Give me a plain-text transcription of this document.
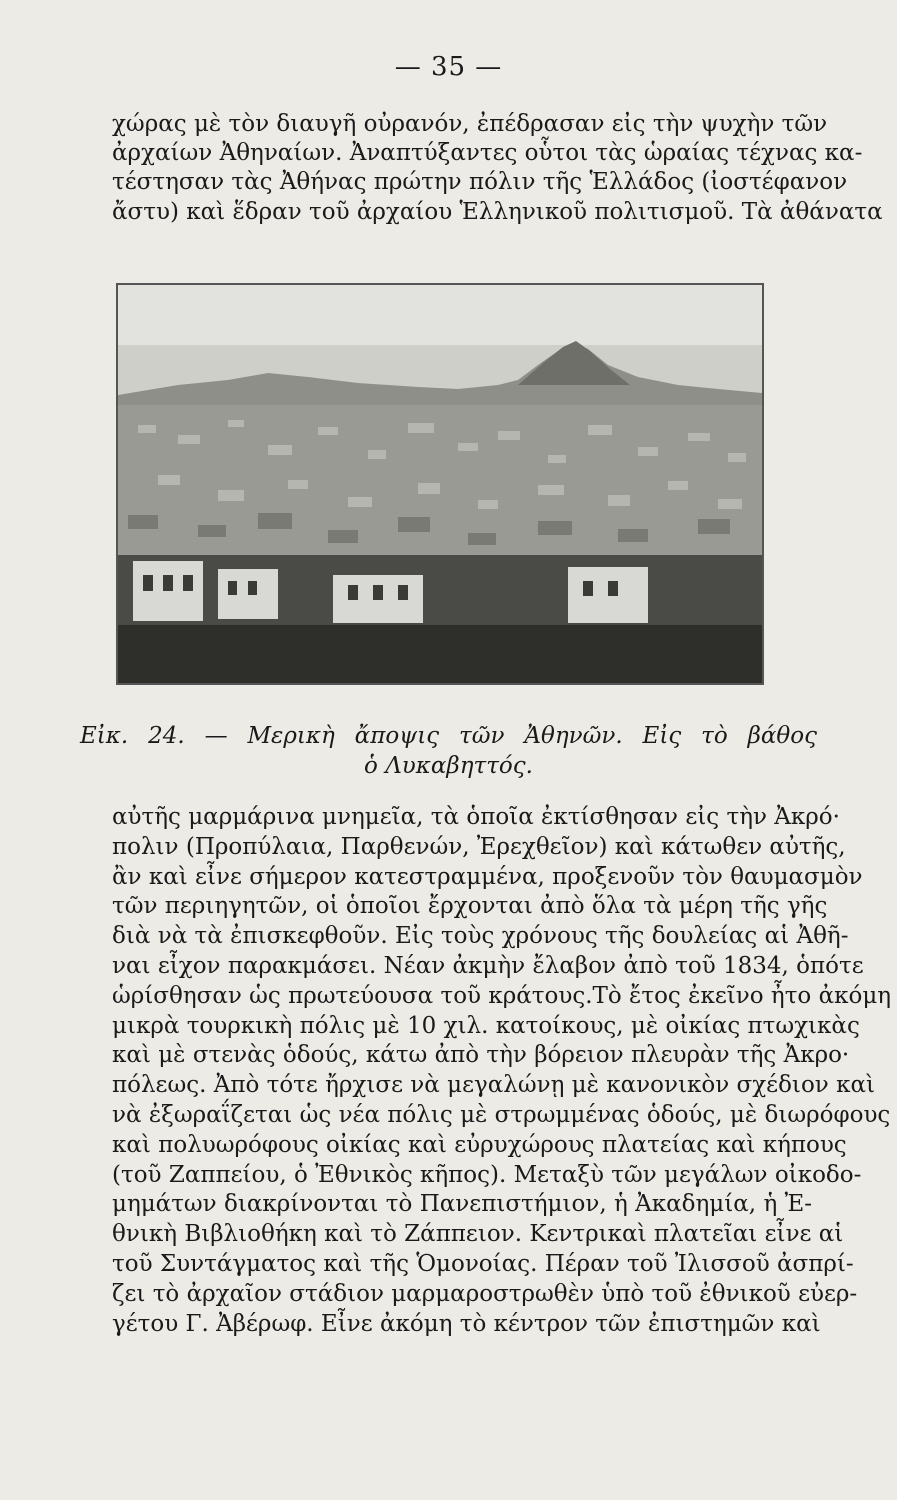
— 35 —
χώρας μὲ τὸν διαυγῆ οὐρανόν, ἐπέδρασαν εἰς τὴν ψυχὴν τῶν
ἀρχαίων Ἀθηναίων. Ἀναπτύξαντες οὗτοι τὰς ὡραίας τέχνας κα-
τέστησαν τὰς Ἀθήνας πρώτην πόλιν τῆς Ἑλλάδος (ἰοστέφανον
ἄστυ) καὶ ἕδραν τοῦ ἀρχαίου Ἑλληνικοῦ πολιτισμοῦ. Τὰ ἀθάνατα
Εἰκ. 24. — Μερικὴ ἄποψις τῶν Ἀθηνῶν. Εἰς τὸ βάθος
ὁ Λυκαβηττός.
αὐτῆς μαρμάρινα μνημεῖα, τὰ ὁποῖα ἐκτίσθησαν εἰς τὴν Ἀκρό·
πολιν (Προπύλαια, Παρθενών, Ἐρεχθεῖον) καὶ κάτωθεν αὐτῆς,
ἂν καὶ εἶνε σήμερον κατεστραμμένα, προξενοῦν τὸν θαυμασμὸν
τῶν περιηγητῶν, οἱ ὁποῖοι ἔρχονται ἀπὸ ὅλα τὰ μέρη τῆς γῆς
διὰ νὰ τὰ ἐπισκεφθοῦν. Εἰς τοὺς χρόνους τῆς δουλείας αἱ Ἀθῆ-
ναι εἶχον παρακμάσει. Νέαν ἀκμὴν ἔλαβον ἀπὸ τοῦ 1834, ὁπότε
ὡρίσθησαν ὡς πρωτεύουσα τοῦ κράτους.Τὸ ἔτος ἐκεῖνο ἦτο ἀκόμη
μικρὰ τουρκικὴ πόλις μὲ 10 χιλ. κατοίκους, μὲ οἰκίας πτωχικὰς
καὶ μὲ στενὰς ὁδούς, κάτω ἀπὸ τὴν βόρειον πλευρὰν τῆς Ἀκρο·
πόλεως. Ἀπὸ τότε ἤρχισε νὰ μεγαλώνῃ μὲ κανονικὸν σχέδιον καὶ
νὰ ἐξωραΐζεται ὡς νέα πόλις μὲ στρωμμένας ὁδούς, μὲ διωρόφους
καὶ πολυωρόφους οἰκίας καὶ εὐρυχώρους πλατείας καὶ κήπους
(τοῦ Ζαππείου, ὁ Ἐθνικὸς κῆπος). Μεταξὺ τῶν μεγάλων οἰκοδο-
μημάτων διακρίνονται τὸ Πανεπιστήμιον, ἡ Ἀκαδημία, ἡ Ἐ-
θνικὴ Βιβλιοθήκη καὶ τὸ Ζάππειον. Κεντρικαὶ πλατεῖαι εἶνε αἱ
τοῦ Συντάγματος καὶ τῆς Ὁμονοίας. Πέραν τοῦ Ἰλισσοῦ ἀσπρί-
ζει τὸ ἀρχαῖον στάδιον μαρμαροστρωθὲν ὑπὸ τοῦ ἐθνικοῦ εὐερ-
γέτου Γ. Ἀβέρωφ. Εἶνε ἀκόμη τὸ κέντρον τῶν ἐπιστημῶν καὶ
